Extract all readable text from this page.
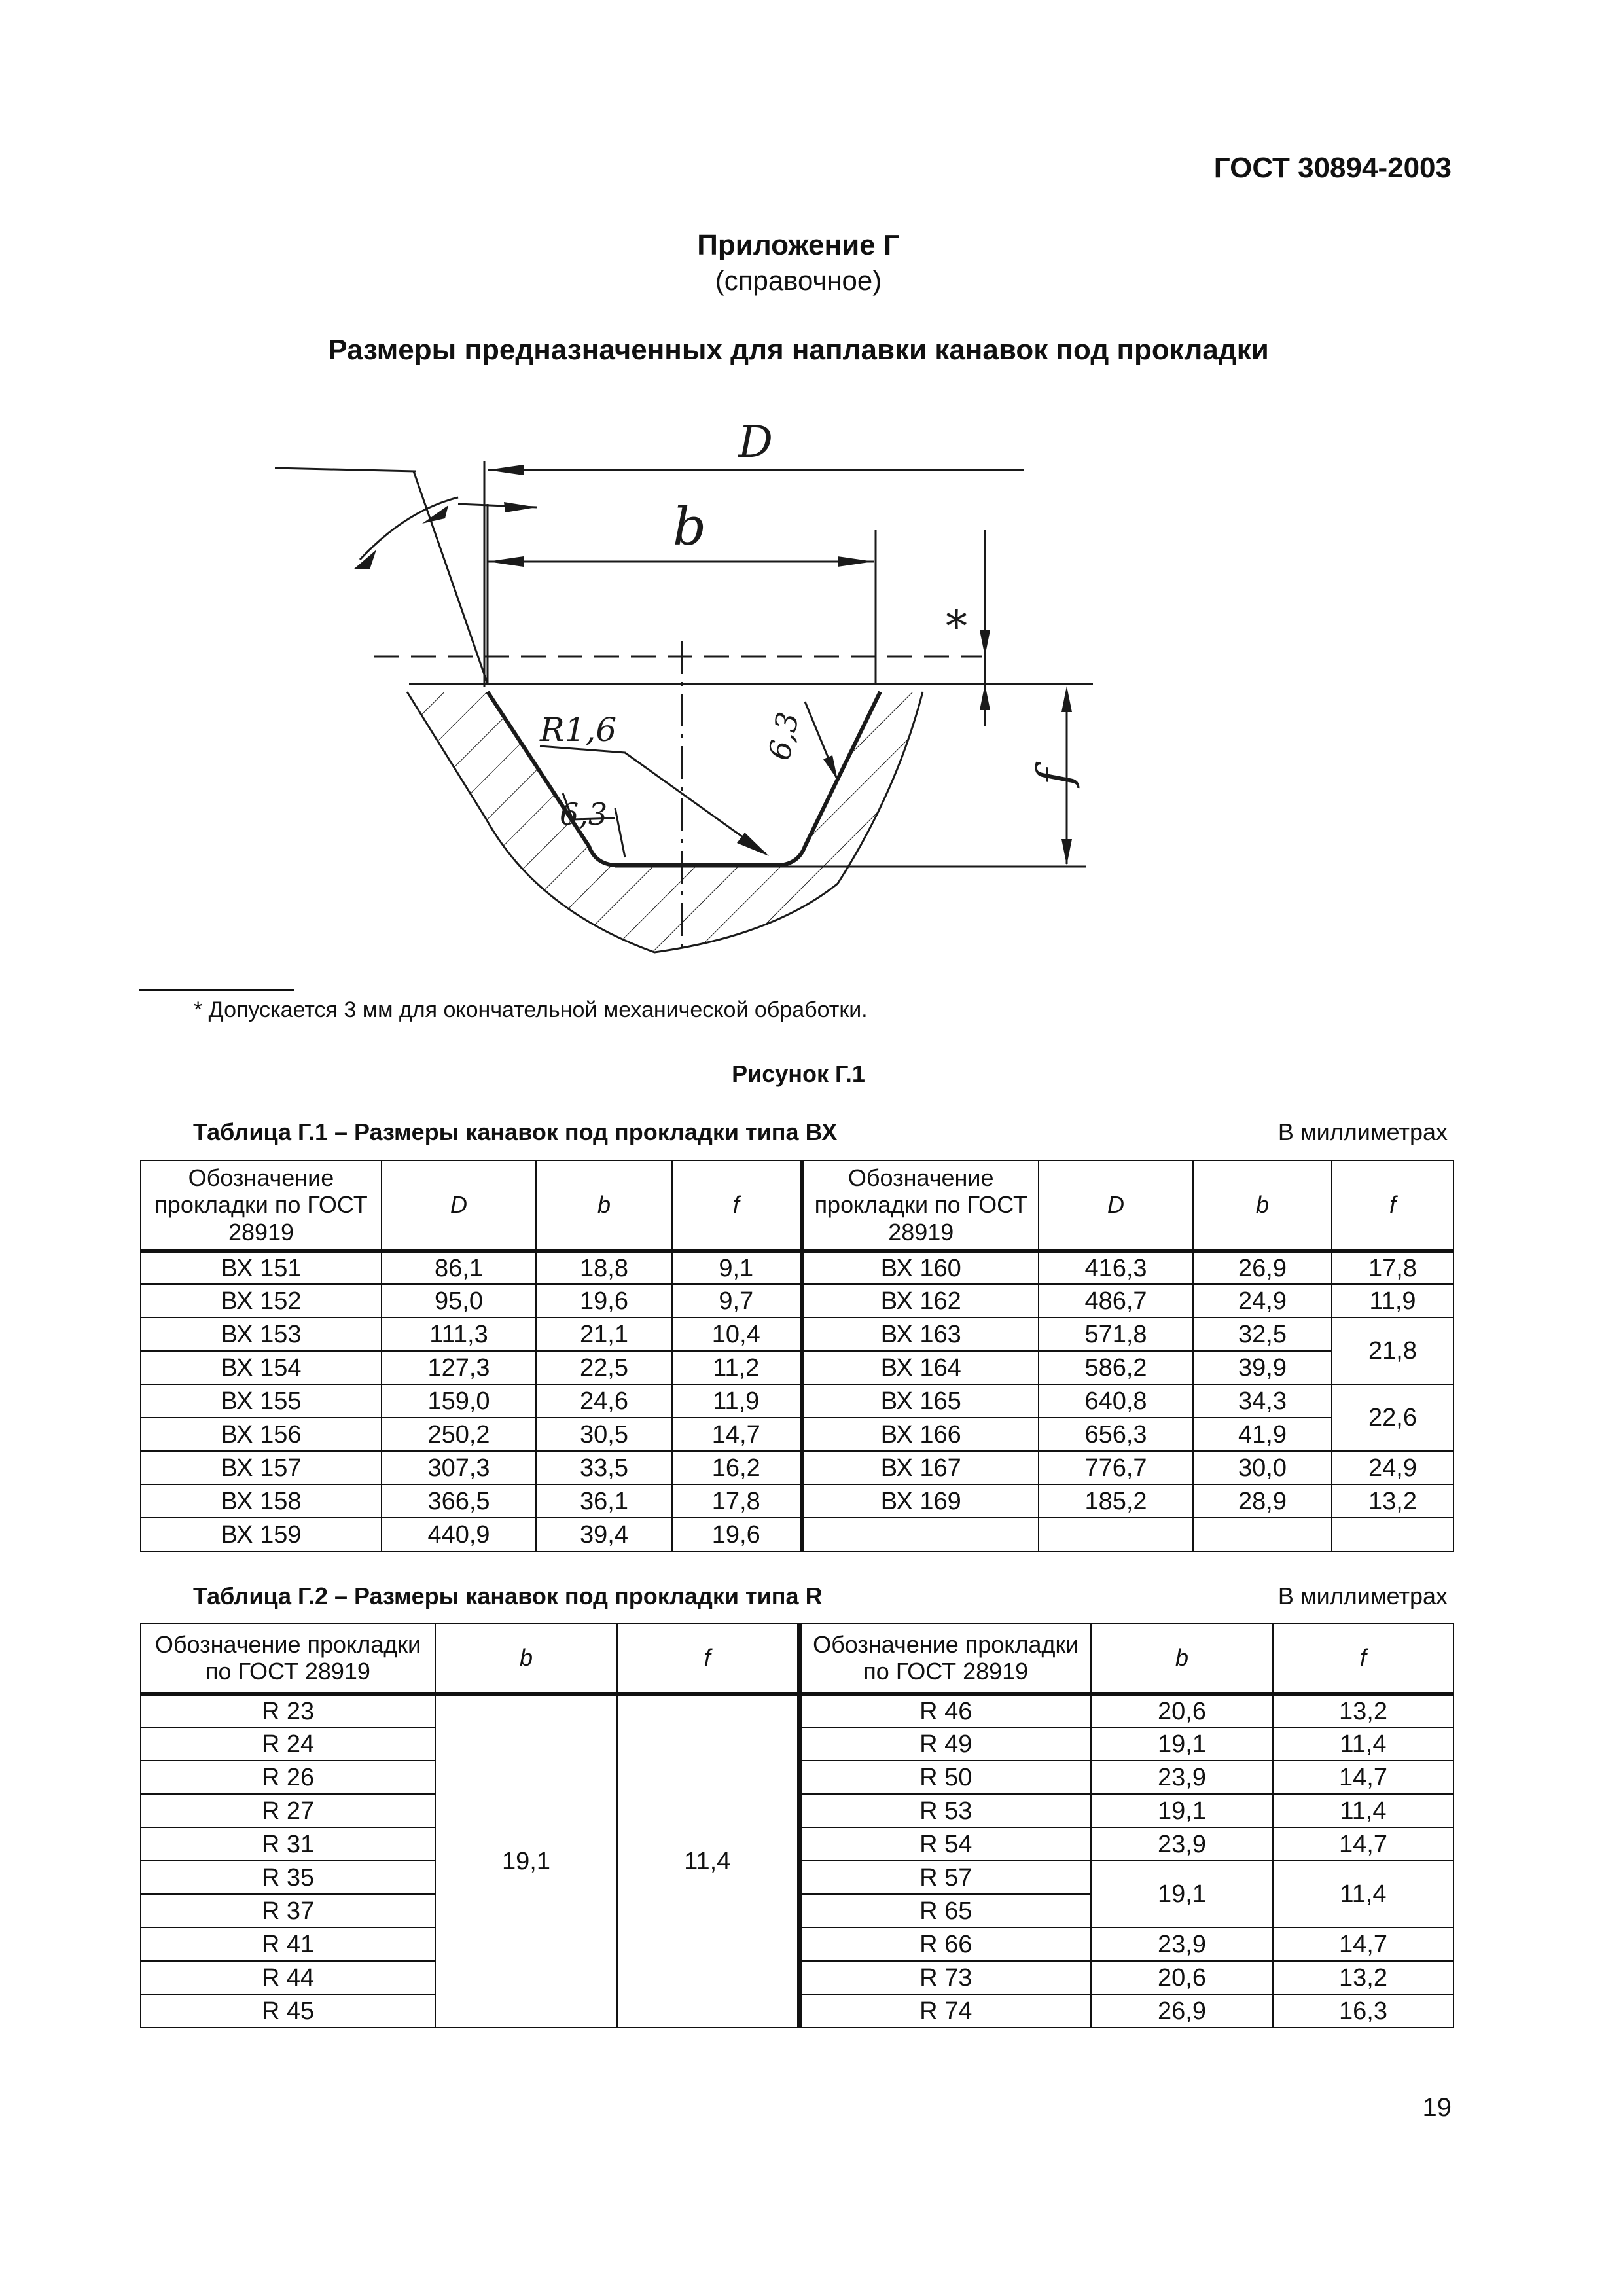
ГОСТ 30894-2003
Приложение Г
(справочное)
Размеры предназначенных для наплавки канавок под прокладки
D
b
*
R1,6
6,3
6,3
f
* Допускается 3 мм для окончательной механической обработки.
Рисунок Г.1
Таблица Г.1 – Размеры канавок под прокладки типа ВХ	В миллиметрах
Обозначение прокладки по ГОСТ 28919	D	b	f	Обозначение прокладки по ГОСТ 28919	D	b	f
ВХ 151	86,1	18,8	9,1	ВХ 160	416,3	26,9	17,8
ВХ 152	95,0	19,6	9,7	ВХ 162	486,7	24,9	11,9
ВХ 153	111,3	21,1	10,4	ВХ 163	571,8	32,5	21,8
ВХ 154	127,3	22,5	11,2	ВХ 164	586,2	39,9	
ВХ 155	159,0	24,6	11,9	ВХ 165	640,8	34,3	22,6
ВХ 156	250,2	30,5	14,7	ВХ 166	656,3	41,9	
ВХ 157	307,3	33,5	16,2	ВХ 167	776,7	30,0	24,9
ВХ 158	366,5	36,1	17,8	ВХ 169	185,2	28,9	13,2
ВХ 159	440,9	39,4	19,6				
Таблица Г.2 – Размеры канавок под прокладки типа R	В миллиметрах
Обозначение прокладки по ГОСТ 28919	b	f	Обозначение прокладки по ГОСТ 28919	b	f
R 23	19,1	11,4	R 46	20,6	13,2
R 24			R 49	19,1	11,4
R 26			R 50	23,9	14,7
R 27			R 53	19,1	11,4
R 31			R 54	23,9	14,7
R 35			R 57	19,1	11,4
R 37			R 65		
R 41			R 66	23,9	14,7
R 44			R 73	20,6	13,2
R 45			R 74	26,9	16,3
19
